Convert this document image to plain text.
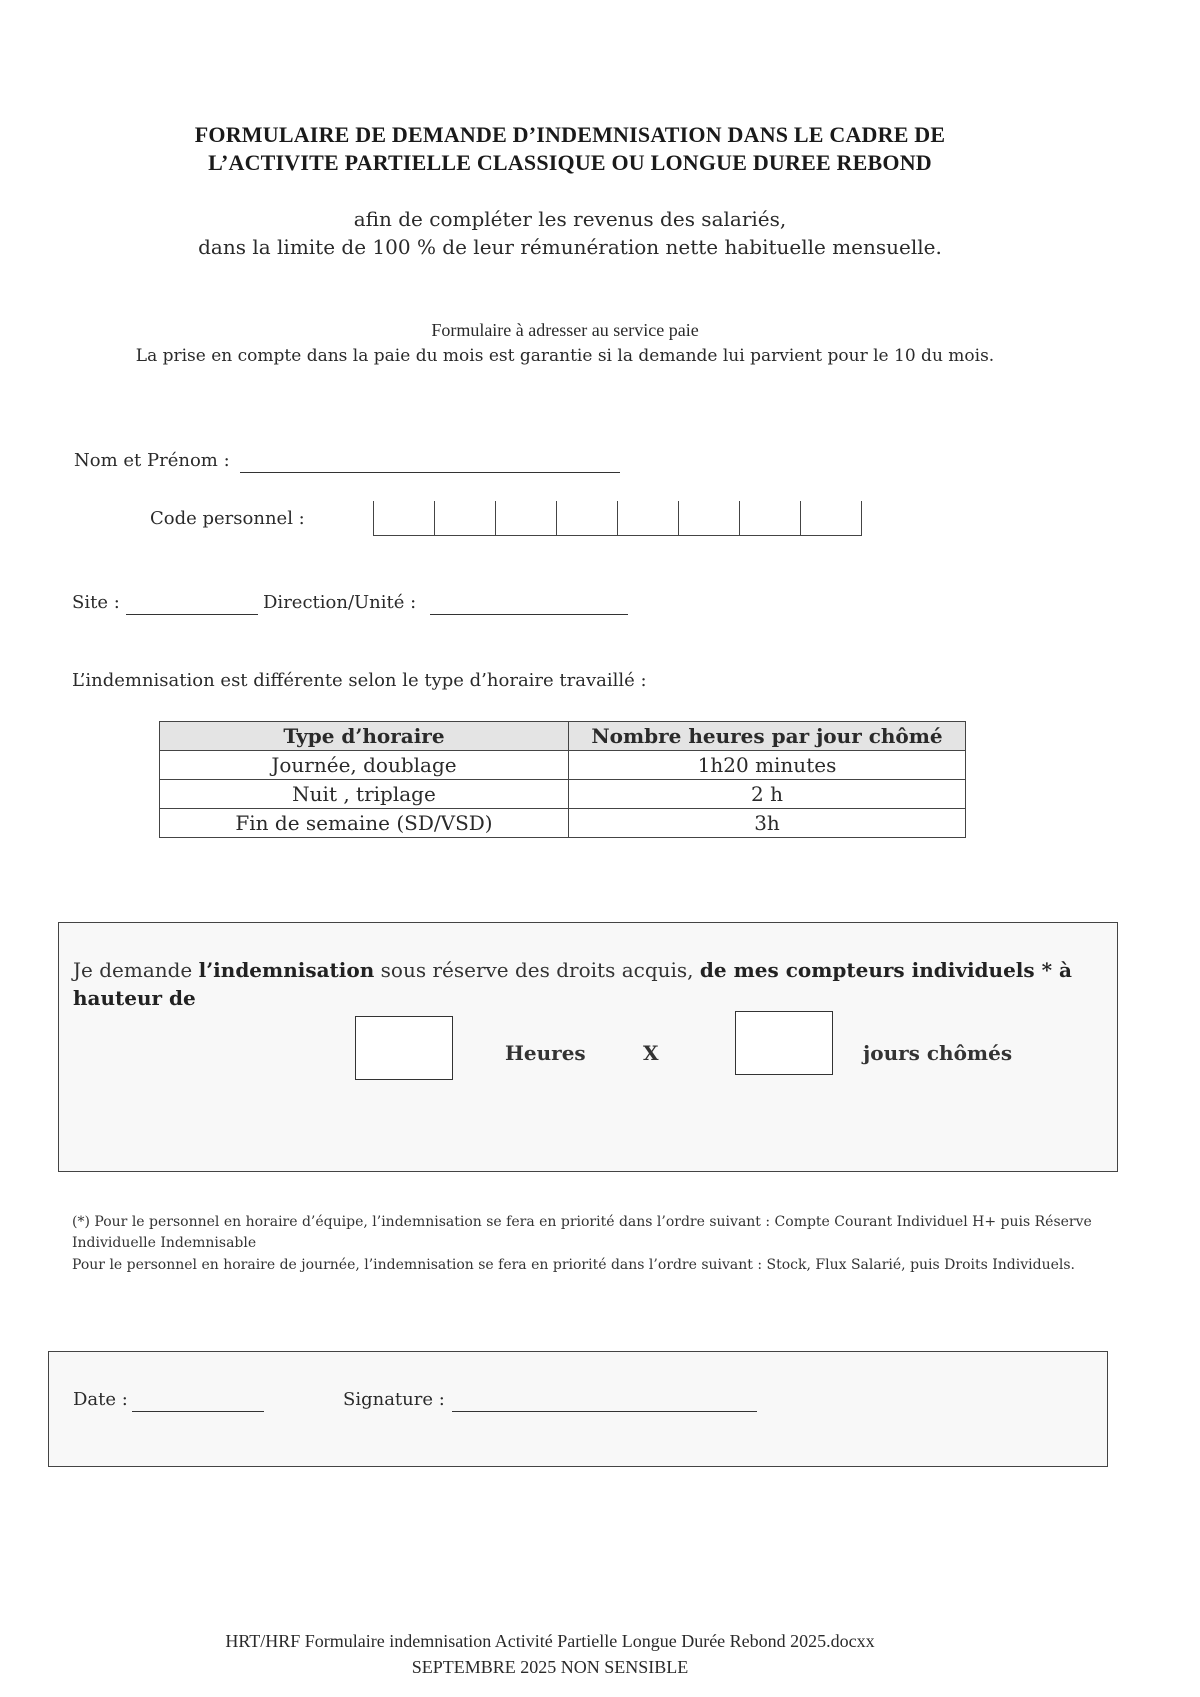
FORMULAIRE DE DEMANDE D’INDEMNISATION DANS LE CADRE DE
L’ACTIVITE PARTIELLE CLASSIQUE OU LONGUE DUREE REBOND
afin de compléter les revenus des salariés,
dans la limite de 100 % de leur rémunération nette habituelle mensuelle.
Formulaire à adresser au service paie
La prise en compte dans la paie du mois est garantie si la demande lui parvient pour le 10 du mois.
Nom et Prénom :
Code personnel :
Site :	Direction/Unité :
L’indemnisation est différente selon le type d’horaire travaillé :
Type d’horaire	Nombre heures par jour chômé
Journée, doublage	1h20 minutes
Nuit , triplage	2 h
Fin de semaine (SD/VSD)	3h
Je demande l’indemnisation sous réserve des droits acquis, de mes compteurs individuels * à hauteur de
Heures	X	jours chômés
(*) Pour le personnel en horaire d’équipe, l’indemnisation se fera en priorité dans l’ordre suivant : Compte Courant Individuel H+ puis Réserve Individuelle Indemnisable
Pour le personnel en horaire de journée, l’indemnisation se fera en priorité dans l’ordre suivant : Stock, Flux Salarié, puis Droits Individuels.
Date :	Signature :
HRT/HRF Formulaire indemnisation Activité Partielle Longue Durée Rebond 2025.docxx
SEPTEMBRE 2025 NON SENSIBLE
